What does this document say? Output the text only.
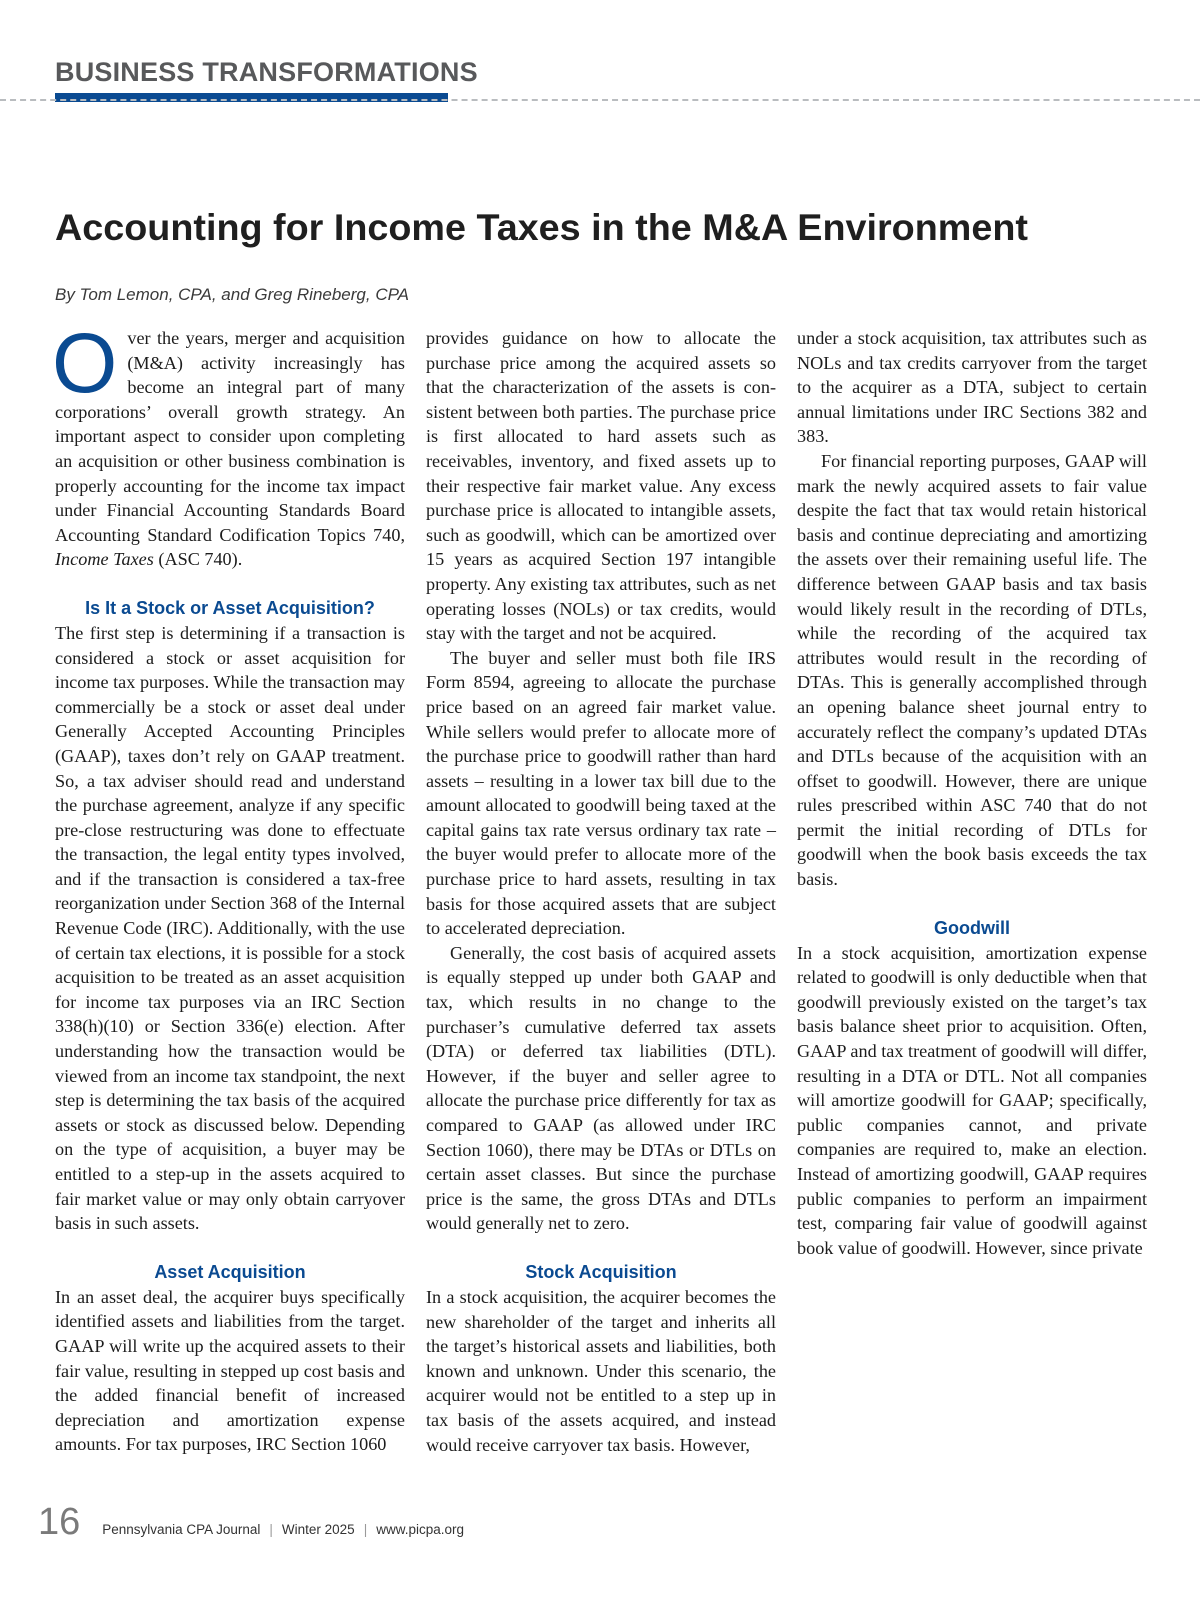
BUSINESS TRANSFORMATIONS
Accounting for Income Taxes in the M&A Environment

By Tom Lemon, CPA, and Greg Rineberg, CPA

Over the years, merger and acquisition (M&A) activity increasingly has become an integral part of many corporations’ overall growth strategy. An important aspect to consider upon completing an acquisition or other business combination is properly accounting for the income tax impact under Financial Accounting Standards Board Accounting Standard Codification Topics 740, Income Taxes (ASC 740).

Is It a Stock or Asset Acquisition?

The first step is determining if a transaction is considered a stock or asset acquisition for income tax purposes. While the transaction may commercially be a stock or asset deal under Generally Accepted Accounting Principles (GAAP), taxes don’t rely on GAAP treatment. So, a tax adviser should read and understand the purchase agreement, analyze if any specific pre-close restructuring was done to effectuate the transaction, the legal entity types involved, and if the transaction is considered a tax-free reorganization under Section 368 of the Internal Revenue Code (IRC). Additionally, with the use of certain tax elections, it is possible for a stock acquisition to be treated as an asset acquisition for income tax purposes via an IRC Section 338(h)(10) or Section 336(e) election. After understanding how the transaction would be viewed from an income tax standpoint, the next step is determining the tax basis of the acquired assets or stock as discussed below. Depending on the type of acquisition, a buyer may be entitled to a step-up in the assets acquired to fair market value or may only obtain carryover basis in such assets.

Asset Acquisition

In an asset deal, the acquirer buys specifically identified assets and liabilities from the target. GAAP will write up the acquired assets to their fair value, resulting in stepped up cost basis and the added financial benefit of increased depreciation and amortization expense amounts. For tax purposes, IRC Section 1060

provides guidance on how to allocate the purchase price among the acquired assets so that the characterization of the assets is consistent between both parties. The purchase price is first allocated to hard assets such as receivables, inventory, and fixed assets up to their respective fair market value. Any excess purchase price is allocated to intangible assets, such as goodwill, which can be amortized over 15 years as acquired Section 197 intangible property. Any existing tax attributes, such as net operating losses (NOLs) or tax credits, would stay with the target and not be acquired.

The buyer and seller must both file IRS Form 8594, agreeing to allocate the purchase price based on an agreed fair market value. While sellers would prefer to allocate more of the purchase price to goodwill rather than hard assets – resulting in a lower tax bill due to the amount allocated to goodwill being taxed at the capital gains tax rate versus ordinary tax rate – the buyer would prefer to allocate more of the purchase price to hard assets, resulting in tax basis for those acquired assets that are subject to accelerated depreciation.

Generally, the cost basis of acquired assets is equally stepped up under both GAAP and tax, which results in no change to the purchaser’s cumulative deferred tax assets (DTA) or deferred tax liabilities (DTL). However, if the buyer and seller agree to allocate the purchase price differently for tax as compared to GAAP (as allowed under IRC Section 1060), there may be DTAs or DTLs on certain asset classes. But since the purchase price is the same, the gross DTAs and DTLs would generally net to zero.

Stock Acquisition

In a stock acquisition, the acquirer becomes the new shareholder of the target and inherits all the target’s historical assets and liabilities, both known and unknown. Under this scenario, the acquirer would not be entitled to a step up in tax basis of the assets acquired, and instead would receive carryover tax basis. However,

under a stock acquisition, tax attributes such as NOLs and tax credits carryover from the target to the acquirer as a DTA, subject to certain annual limitations under IRC Sections 382 and 383.

For financial reporting purposes, GAAP will mark the newly acquired assets to fair value despite the fact that tax would retain historical basis and continue depreciating and amortizing the assets over their remaining useful life. The difference between GAAP basis and tax basis would likely result in the recording of DTLs, while the recording of the acquired tax attributes would result in the recording of DTAs. This is generally accomplished through an opening balance sheet journal entry to accurately reflect the company’s updated DTAs and DTLs because of the acquisition with an offset to goodwill. However, there are unique rules prescribed within ASC 740 that do not permit the initial recording of DTLs for goodwill when the book basis exceeds the tax basis.

Goodwill

In a stock acquisition, amortization expense related to goodwill is only deductible when that goodwill previously existed on the target’s tax basis balance sheet prior to acquisition. Often, GAAP and tax treatment of goodwill will differ, resulting in a DTA or DTL. Not all companies will amortize goodwill for GAAP; specifically, public companies cannot, and private companies are required to, make an election. Instead of amortizing goodwill, GAAP requires public companies to perform an impairment test, comparing fair value of goodwill against book value of goodwill. However, since private

16 Pennsylvania CPA Journal | Winter 2025 | www.picpa.org
